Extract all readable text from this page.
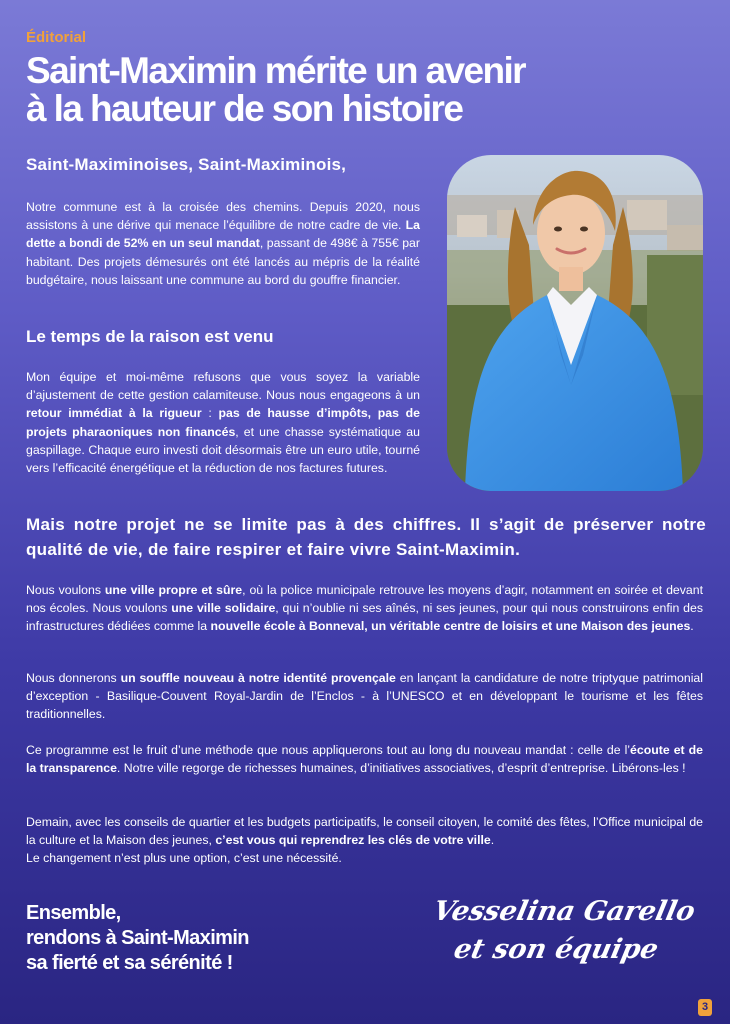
Éditorial
Saint-Maximin mérite un avenir
à la hauteur de son histoire
Saint-Maximinoises, Saint-Maximinois,

Notre commune est à la croisée des chemins. Depuis 2020, nous assistons à une dérive qui menace l’équilibre de notre cadre de vie. La dette a bondi de 52% en un seul mandat, passant de 498€ à 755€ par habitant. Des projets démesurés ont été lancés au mépris de la réalité budgétaire, nous laissant une commune au bord du gouffre financier.

Le temps de la raison est venu

Mon équipe et moi-même refusons que vous soyez la variable d’ajustement de cette gestion calamiteuse. Nous nous engageons à un retour immédiat à la rigueur : pas de hausse d’impôts, pas de projets pharaoniques non financés, et une chasse systématique au gaspillage. Chaque euro investi doit désormais être un euro utile, tourné vers l’efficacité énergétique et la réduction de nos factures futures.

Mais notre projet ne se limite pas à des chiffres. Il s’agit de préserver notre qualité de vie, de faire respirer et faire vivre Saint-Maximin.

Nous voulons une ville propre et sûre, où la police municipale retrouve les moyens d’agir, notamment en soirée et devant nos écoles. Nous voulons une ville solidaire, qui n’oublie ni ses aînés, ni ses jeunes, pour qui nous construirons enfin des infrastructures dédiées comme la nouvelle école à Bonneval, un véritable centre de loisirs et une Maison des jeunes.

Nous donnerons un souffle nouveau à notre identité provençale en lançant la candidature de notre triptyque patrimonial d’exception - Basilique-Couvent Royal-Jardin de l’Enclos - à l’UNESCO et en développant le tourisme et les fêtes traditionnelles.

Ce programme est le fruit d’une méthode que nous appliquerons tout au long du nouveau mandat : celle de l’écoute et de la transparence. Notre ville regorge de richesses humaines, d’initiatives associatives, d’esprit d’entreprise. Libérons-les !

Demain, avec les conseils de quartier et les budgets participatifs, le conseil citoyen, le comité des fêtes, l’Office municipal de la culture et la Maison des jeunes, c’est vous qui reprendrez les clés de votre ville.
Le changement n’est plus une option, c’est une nécessité.

Ensemble,
rendons à Saint-Maximin
sa fierté et sa sérénité !
Vesselina Garello
et son équipe
3
